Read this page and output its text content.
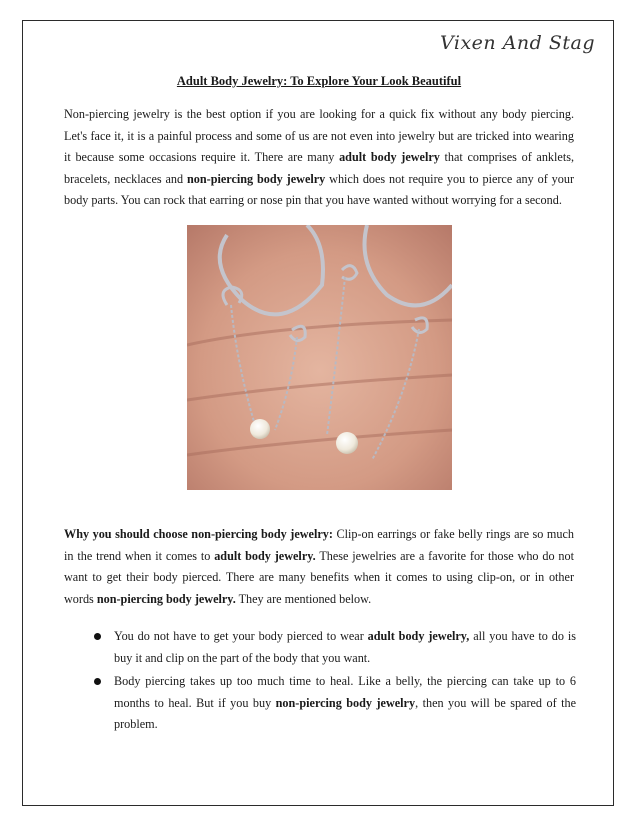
Vixen And Stag
Adult Body Jewelry: To Explore Your Look Beautiful

Non-piercing jewelry is the best option if you are looking for a quick fix without any body piercing. Let's face it, it is a painful process and some of us are not even into jewelry but are tricked into wearing it because some occasions require it. There are many adult body jewelry that comprises of anklets, bracelets, necklaces and non-piercing body jewelry which does not require you to pierce any of your body parts. You can rock that earring or nose pin that you have wanted without worrying for a second.

Why you should choose non-piercing body jewelry: Clip-on earrings or fake belly rings are so much in the trend when it comes to adult body jewelry. These jewelries are a favorite for those who do not want to get their body pierced. There are many benefits when it comes to using clip-on, or in other words non-piercing body jewelry. They are mentioned below.

You do not have to get your body pierced to wear adult body jewelry, all you have to do is buy it and clip on the part of the body that you want.
Body piercing takes up too much time to heal. Like a belly, the piercing can take up to 6 months to heal. But if you buy non-piercing body jewelry, then you will be spared of the problem.
